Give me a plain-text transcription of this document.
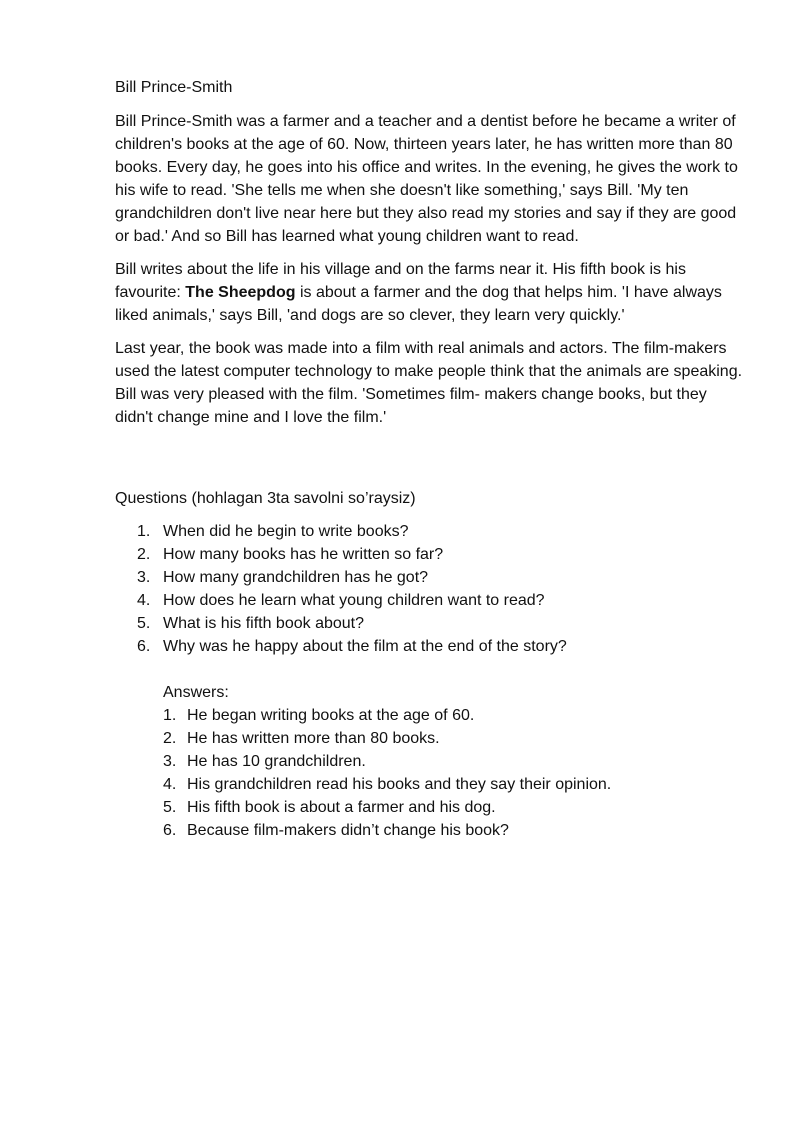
Bill Prince-Smith

Bill Prince-Smith was a farmer and a teacher and a dentist before he became a writer of children's books at the age of 60. Now, thirteen years later, he has written more than 80 books. Every day, he goes into his office and writes. In the evening, he gives the work to his wife to read. 'She tells me when she doesn't like something,' says Bill. 'My ten grandchildren don't live near here but they also read my stories and say if they are good or bad.' And so Bill has learned what young children want to read.

Bill writes about the life in his village and on the farms near it. His fifth book is his favourite: The Sheepdog is about a farmer and the dog that helps him. 'I have always liked animals,' says Bill, 'and dogs are so clever, they learn very quickly.'

Last year, the book was made into a film with real animals and actors. The film-makers used the latest computer technology to make people think that the animals are speaking. Bill was very pleased with the film. 'Sometimes film- makers change books, but they didn't change mine and I love the film.'

Questions (hohlagan 3ta savolni so’raysiz)

1. When did he begin to write books?
2. How many books has he written so far?
3. How many grandchildren has he got?
4. How does he learn what young children want to read?
5. What is his fifth book about?
6. Why was he happy about the film at the end of the story?
Answers:
1. He began writing books at the age of 60.
2. He has written more than 80 books.
3. He has 10 grandchildren.
4. His grandchildren read his books and they say their opinion.
5. His fifth book is about a farmer and his dog.
6. Because film-makers didn’t change his book?
